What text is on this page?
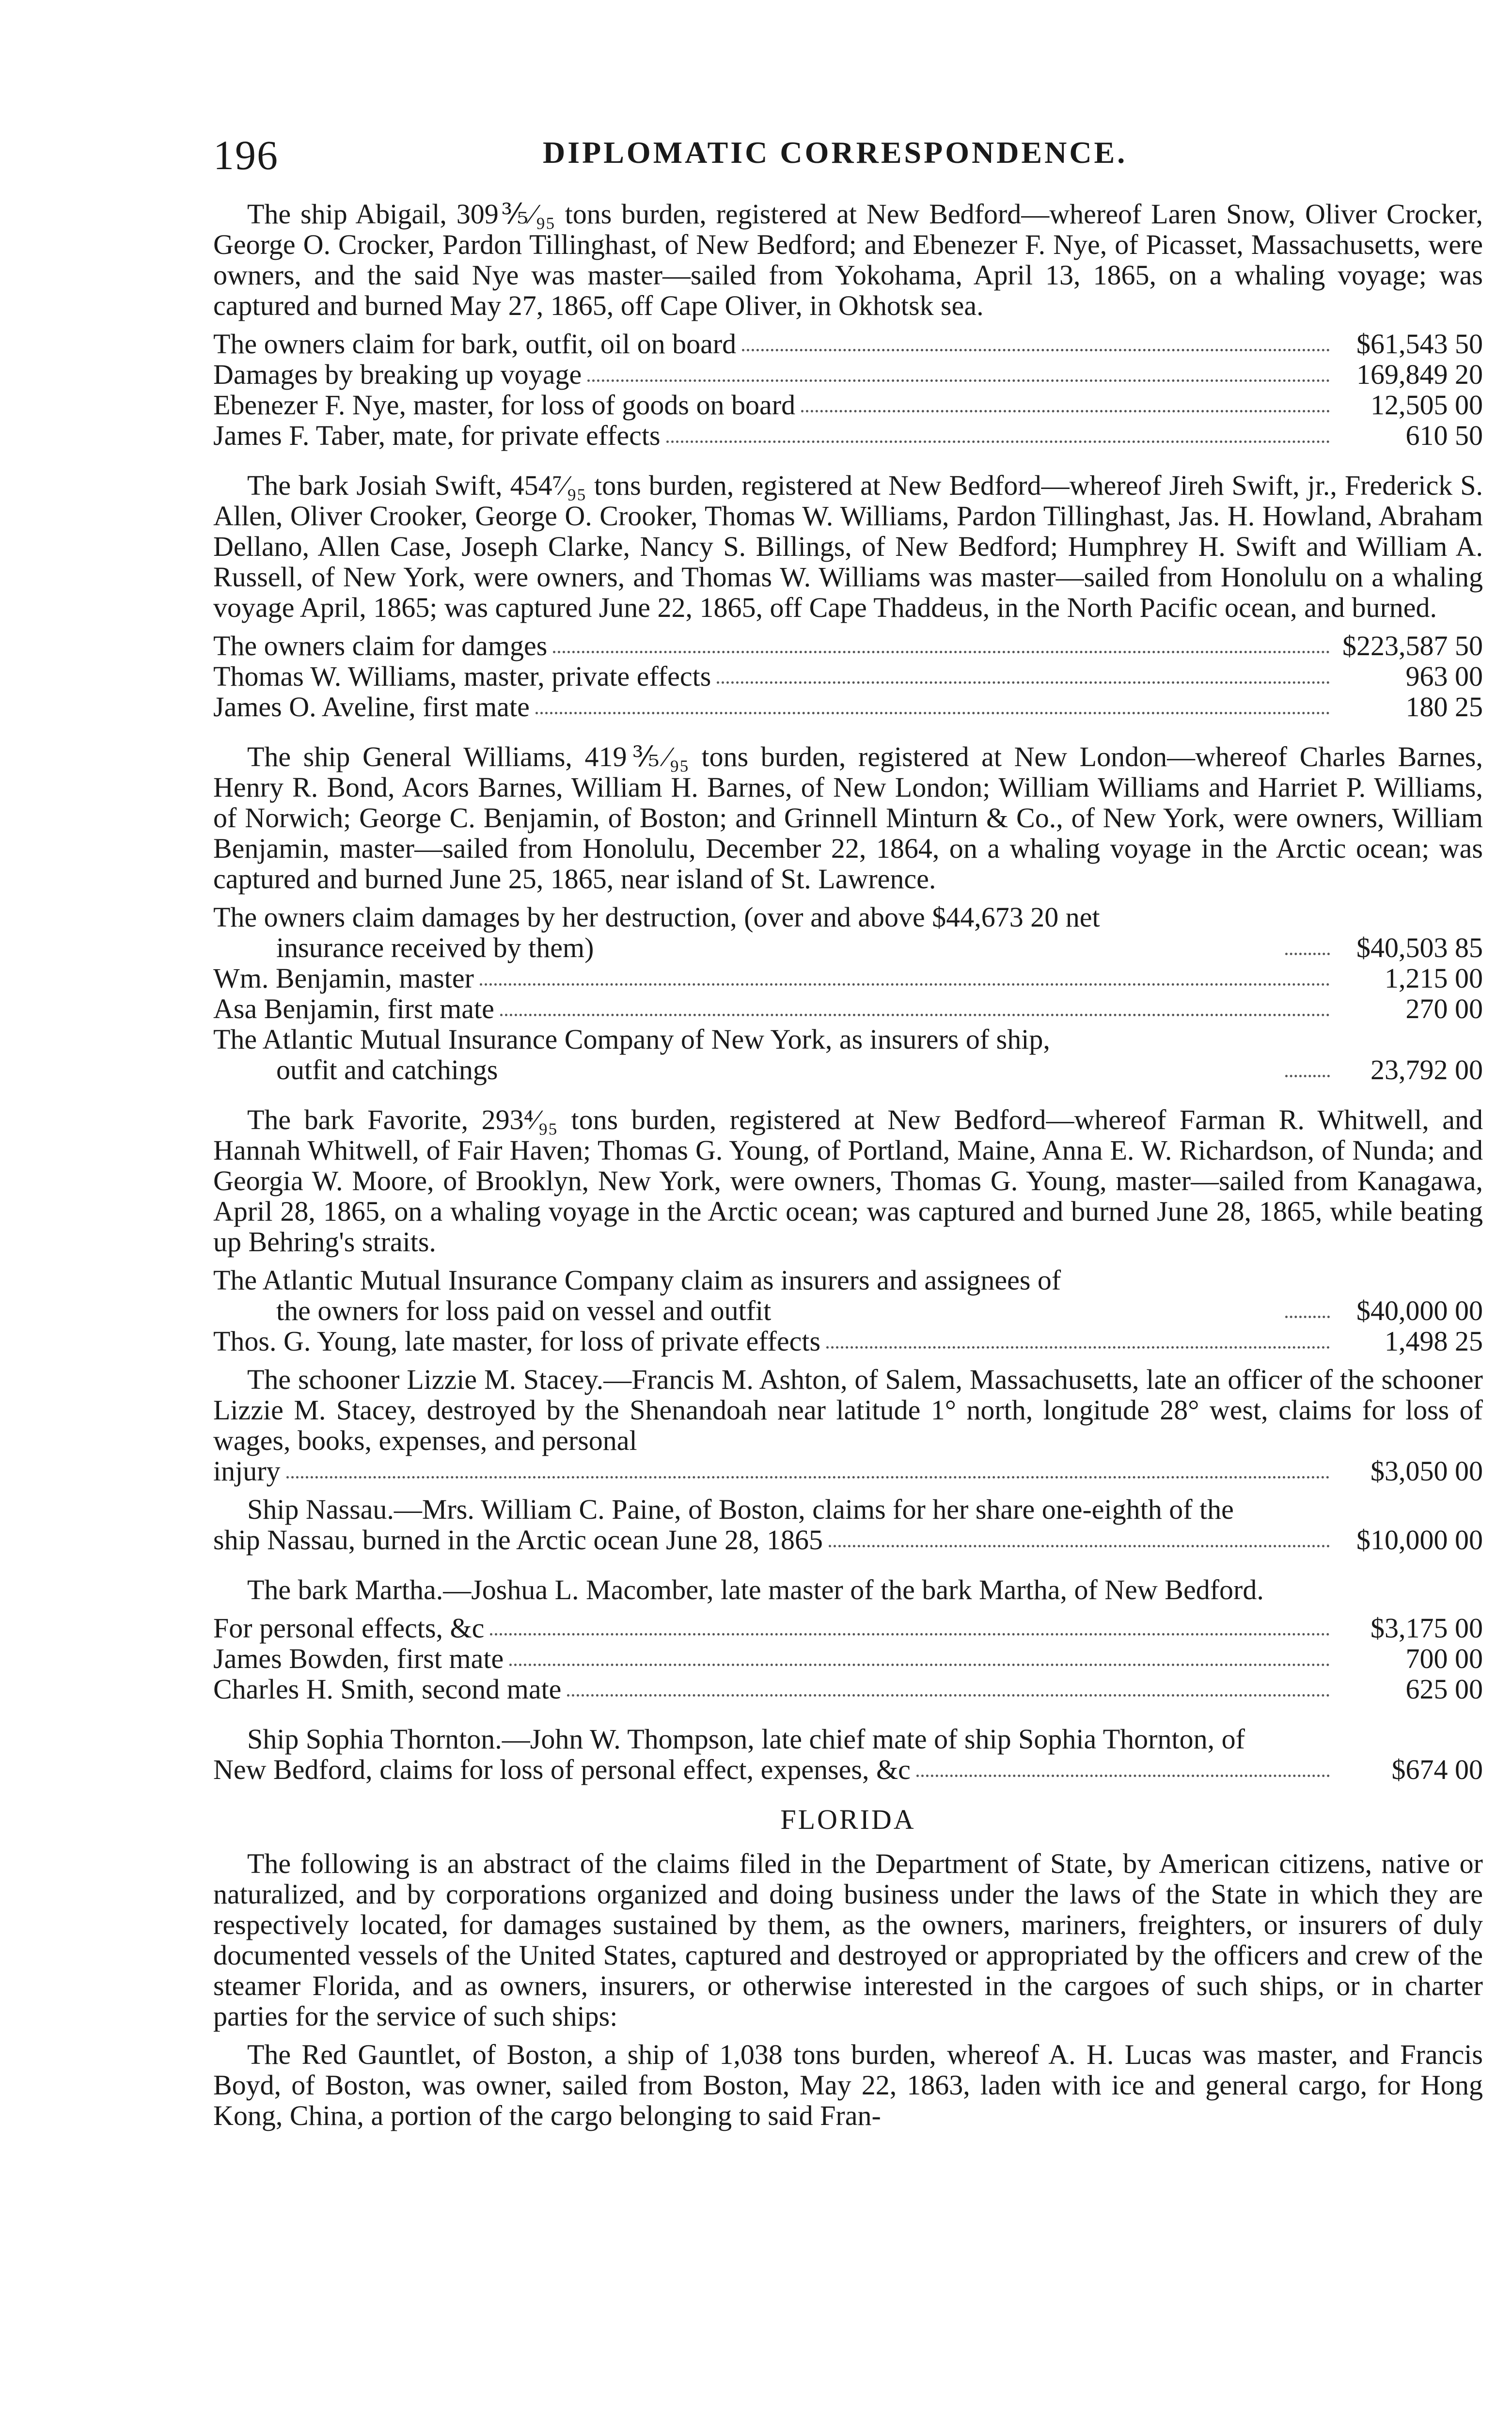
196	DIPLOMATIC CORRESPONDENCE.

The ship Abigail, 309⅗⁄₉₅ tons burden, registered at New Bedford—whereof Laren Snow, Oliver Crocker, George O. Crocker, Pardon Tillinghast, of New Bedford; and Ebenezer F. Nye, of Picasset, Massachusetts, were owners, and the said Nye was master—sailed from Yokohama, April 13, 1865, on a whaling voyage; was captured and burned May 27, 1865, off Cape Oliver, in Okhotsk sea.

The owners claim for bark, outfit, oil on board	$61,543 50
Damages by breaking up voyage	169,849 20
Ebenezer F. Nye, master, for loss of goods on board	12,505 00
James F. Taber, mate, for private effects	610 50

The bark Josiah Swift, 454⁷⁄₉₅ tons burden, registered at New Bedford—whereof Jireh Swift, jr., Frederick S. Allen, Oliver Crooker, George O. Crooker, Thomas W. Williams, Pardon Tillinghast, Jas. H. Howland, Abraham Dellano, Allen Case, Joseph Clarke, Nancy S. Billings, of New Bedford; Humphrey H. Swift and William A. Russell, of New York, were owners, and Thomas W. Williams was master—sailed from Honolulu on a whaling voyage April, 1865; was captured June 22, 1865, off Cape Thaddeus, in the North Pacific ocean, and burned.

The owners claim for damges	$223,587 50
Thomas W. Williams, master, private effects	963 00
James O. Aveline, first mate	180 25

The ship General Williams, 419⅗⁄₉₅ tons burden, registered at New London—whereof Charles Barnes, Henry R. Bond, Acors Barnes, William H. Barnes, of New London; William Williams and Harriet P. Williams, of Norwich; George C. Benjamin, of Boston; and Grinnell Minturn & Co., of New York, were owners, William Benjamin, master—sailed from Honolulu, December 22, 1864, on a whaling voyage in the Arctic ocean; was captured and burned June 25, 1865, near island of St. Lawrence.

The owners claim damages by her destruction, (over and above $44,673 20 net
insurance received by them)	$40,503 85
Wm. Benjamin, master	1,215 00
Asa Benjamin, first mate	270 00
The Atlantic Mutual Insurance Company of New York, as insurers of ship,
outfit and catchings	23,792 00

The bark Favorite, 293⁴⁄₉₅ tons burden, registered at New Bedford—whereof Farman R. Whitwell, and Hannah Whitwell, of Fair Haven; Thomas G. Young, of Portland, Maine, Anna E. W. Richardson, of Nunda; and Georgia W. Moore, of Brooklyn, New York, were owners, Thomas G. Young, master—sailed from Kanagawa, April 28, 1865, on a whaling voyage in the Arctic ocean; was captured and burned June 28, 1865, while beating up Behring's straits.

The Atlantic Mutual Insurance Company claim as insurers and assignees of
the owners for loss paid on vessel and outfit	$40,000 00
Thos. G. Young, late master, for loss of private effects	1,498 25

The schooner Lizzie M. Stacey.—Francis M. Ashton, of Salem, Massachusetts, late an officer of the schooner Lizzie M. Stacey, destroyed by the Shenandoah near latitude 1° north, longitude 28° west, claims for loss of wages, books, expenses, and personal

injury	$3,050 00

Ship Nassau.—Mrs. William C. Paine, of Boston, claims for her share one-eighth of the

ship Nassau, burned in the Arctic ocean June 28, 1865	$10,000 00

The bark Martha.—Joshua L. Macomber, late master of the bark Martha, of New Bedford.

For personal effects, &c	$3,175 00
James Bowden, first mate	700 00
Charles H. Smith, second mate	625 00

Ship Sophia Thornton.—John W. Thompson, late chief mate of ship Sophia Thornton, of

New Bedford, claims for loss of personal effect, expenses, &c	$674 00
FLORIDA

The following is an abstract of the claims filed in the Department of State, by American citizens, native or naturalized, and by corporations organized and doing business under the laws of the State in which they are respectively located, for damages sustained by them, as the owners, mariners, freighters, or insurers of duly documented vessels of the United States, captured and destroyed or appropriated by the officers and crew of the steamer Florida, and as owners, insurers, or otherwise interested in the cargoes of such ships, or in charter parties for the service of such ships:

The Red Gauntlet, of Boston, a ship of 1,038 tons burden, whereof A. H. Lucas was master, and Francis Boyd, of Boston, was owner, sailed from Boston, May 22, 1863, laden with ice and general cargo, for Hong Kong, China, a portion of the cargo belonging to said Fran-
